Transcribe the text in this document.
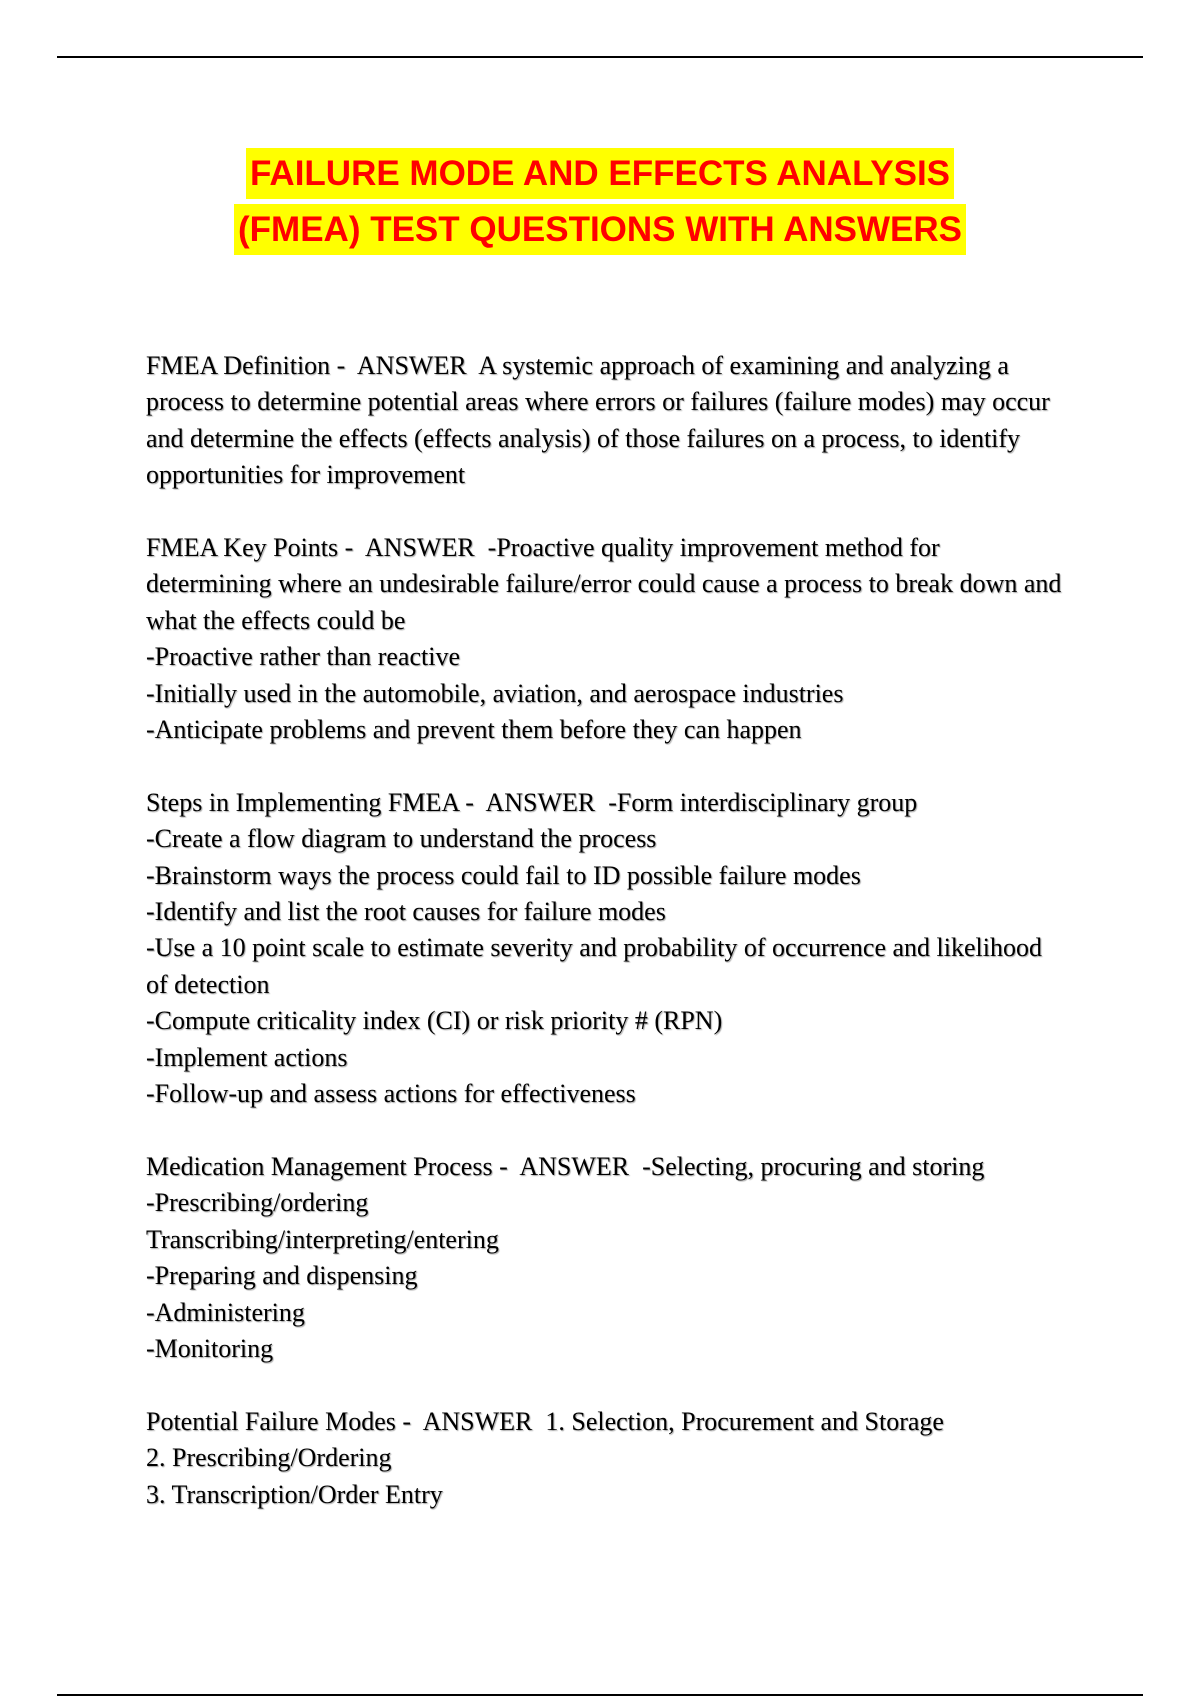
FAILURE MODE AND EFFECTS ANALYSIS
(FMEA) TEST QUESTIONS WITH ANSWERS

FMEA Definition -  ANSWER A systemic approach of examining and analyzing a process to determine potential areas where errors or failures (failure modes) may occur and determine the effects (effects analysis) of those failures on a process, to identify opportunities for improvement

FMEA Key Points -  ANSWER -Proactive quality improvement method for determining where an undesirable failure/error could cause a process to break down and what the effects could be

-Proactive rather than reactive

-Initially used in the automobile, aviation, and aerospace industries

-Anticipate problems and prevent them before they can happen

Steps in Implementing FMEA -  ANSWER -Form interdisciplinary group

-Create a flow diagram to understand the process

-Brainstorm ways the process could fail to ID possible failure modes

-Identify and list the root causes for failure modes

-Use a 10 point scale to estimate severity and probability of occurrence and likelihood of detection

-Compute criticality index (CI) or risk priority # (RPN)

-Implement actions

-Follow-up and assess actions for effectiveness

Medication Management Process -  ANSWER -Selecting, procuring and storing

-Prescribing/ordering

Transcribing/interpreting/entering

-Preparing and dispensing

-Administering

-Monitoring

Potential Failure Modes -  ANSWER 1. Selection, Procurement and Storage

2. Prescribing/Ordering

3. Transcription/Order Entry
